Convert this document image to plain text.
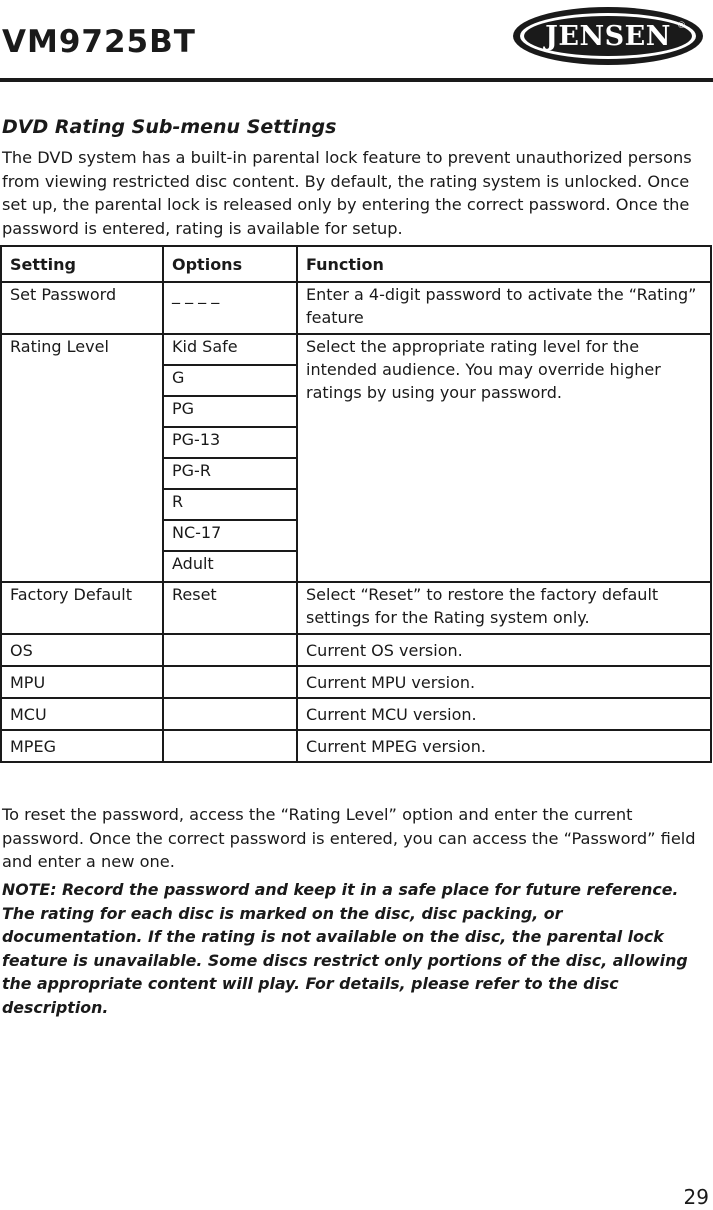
VM9725BT	JENSEN ®
DVD Rating Sub-menu Settings
The DVD system has a built-in parental lock feature to prevent unauthorized persons from viewing restricted disc content. By default, the rating system is unlocked. Once set up, the parental lock is released only by entering the correct password. Once the password is entered, rating is available for setup.
Setting	Options	Function
Set Password	_ _ _ _	Enter a 4-digit password to activate the “Rating” feature
Rating Level	Kid Safe	Select the appropriate rating level for the intended audience. You may override higher ratings by using your password.
	G	
	PG	
	PG-13	
	PG-R	
	R	
	NC-17	
	Adult	
Factory Default	Reset	Select “Reset” to restore the factory default settings for the Rating system only.
OS		Current OS version.
MPU		Current MPU version.
MCU		Current MCU version.
MPEG		Current MPEG version.
To reset the password, access the “Rating Level” option and enter the current password. Once the correct password is entered, you can access the “Password” field and enter a new one.
NOTE: Record the password and keep it in a safe place for future reference. The rating for each disc is marked on the disc, disc packing, or documentation. If the rating is not available on the disc, the parental lock feature is unavailable. Some discs restrict only portions of the disc, allowing the appropriate content will play. For details, please refer to the disc description.
29
